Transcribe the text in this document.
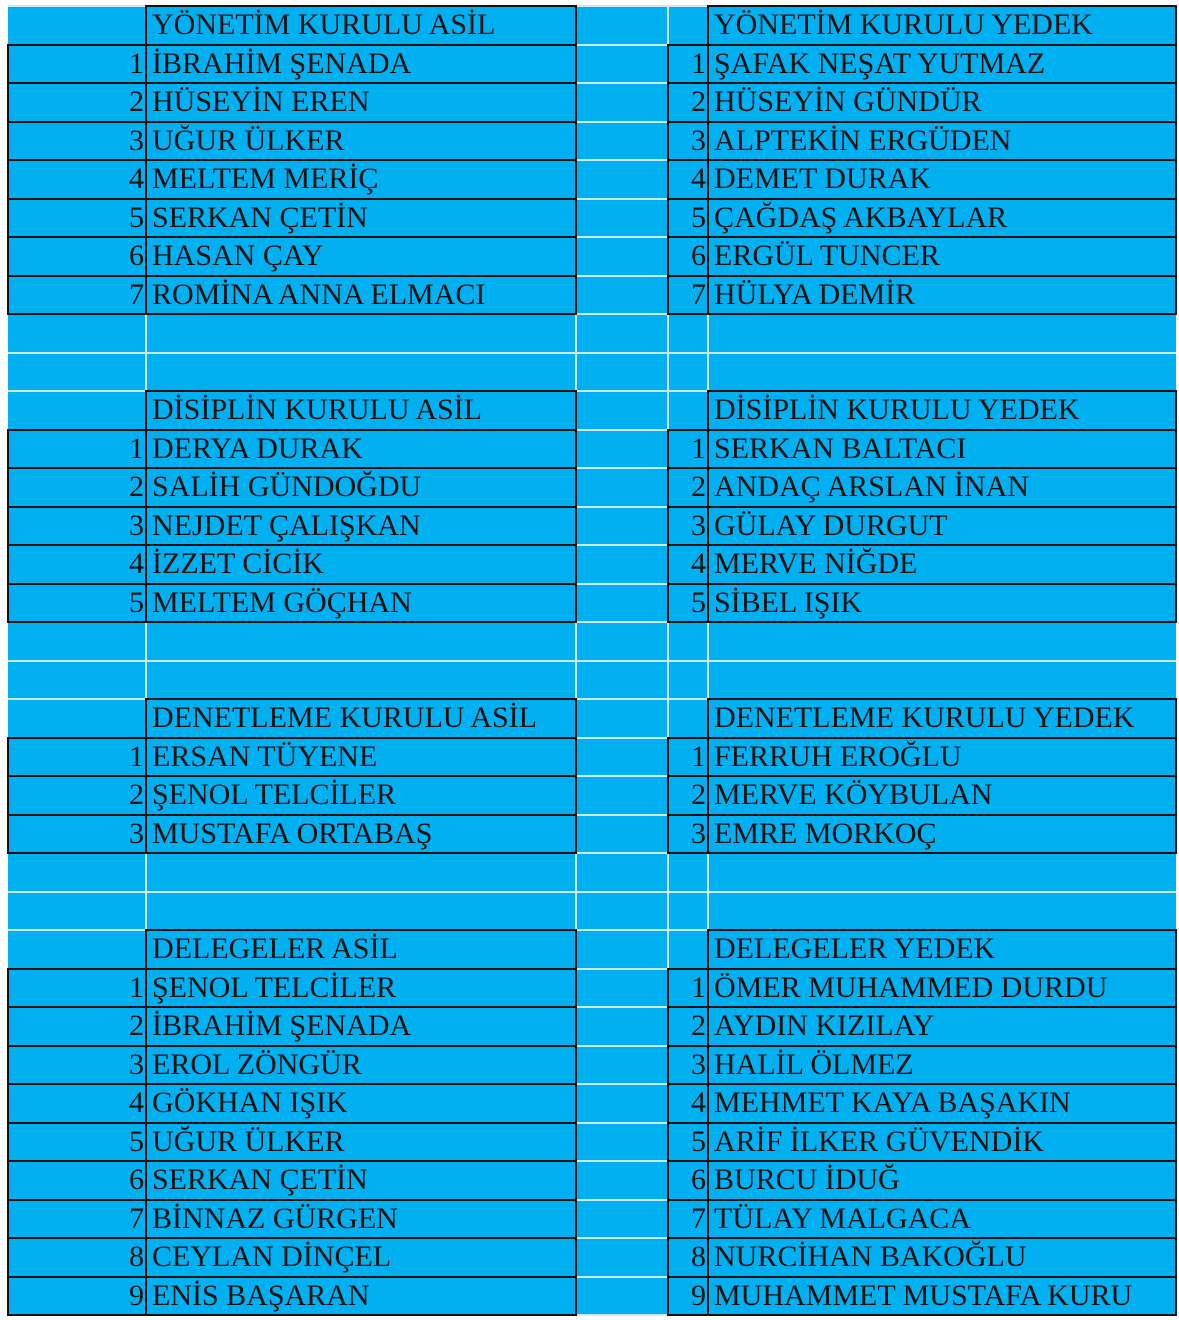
YÖNETİM KURULU ASİL
1 İBRAHİM ŞENADA
2 HÜSEYİN EREN
3 UĞUR ÜLKER
4 MELTEM MERİÇ
5 SERKAN ÇETİN
6 HASAN ÇAY
7 ROMİNA ANNA ELMACI
YÖNETİM KURULU YEDEK
1 ŞAFAK NEŞAT YUTMAZ
2 HÜSEYİN GÜNDÜR
3 ALPTEKİN ERGÜDEN
4 DEMET DURAK
5 ÇAĞDAŞ AKBAYLAR
6 ERGÜL TUNCER
7 HÜLYA DEMİR
DİSİPLİN KURULU ASİL
1 DERYA DURAK
2 SALİH GÜNDOĞDU
3 NEJDET ÇALIŞKAN
4 İZZET CİCİK
5 MELTEM GÖÇHAN
DİSİPLİN KURULU YEDEK
1 SERKAN BALTACI
2 ANDAÇ ARSLAN İNAN
3 GÜLAY DURGUT
4 MERVE NİĞDE
5 SİBEL IŞIK
DENETLEME KURULU ASİL
1 ERSAN TÜYENE
2 ŞENOL TELCİLER
3 MUSTAFA ORTABAŞ
DENETLEME KURULU YEDEK
1 FERRUH EROĞLU
2 MERVE KÖYBULAN
3 EMRE MORKOÇ
DELEGELER ASİL
1 ŞENOL TELCİLER
2 İBRAHİM ŞENADA
3 EROL ZÖNGÜR
4 GÖKHAN IŞIK
5 UĞUR ÜLKER
6 SERKAN ÇETİN
7 BİNNAZ GÜRGEN
8 CEYLAN DİNÇEL
9 ENİS BAŞARAN
DELEGELER YEDEK
1 ÖMER MUHAMMED DURDU
2 AYDIN KIZILAY
3 HALİL ÖLMEZ
4 MEHMET KAYA BAŞAKIN
5 ARİF İLKER GÜVENDİK
6 BURCU İDUĞ
7 TÜLAY MALGACA
8 NURCİHAN BAKOĞLU
9 MUHAMMET MUSTAFA KURU
